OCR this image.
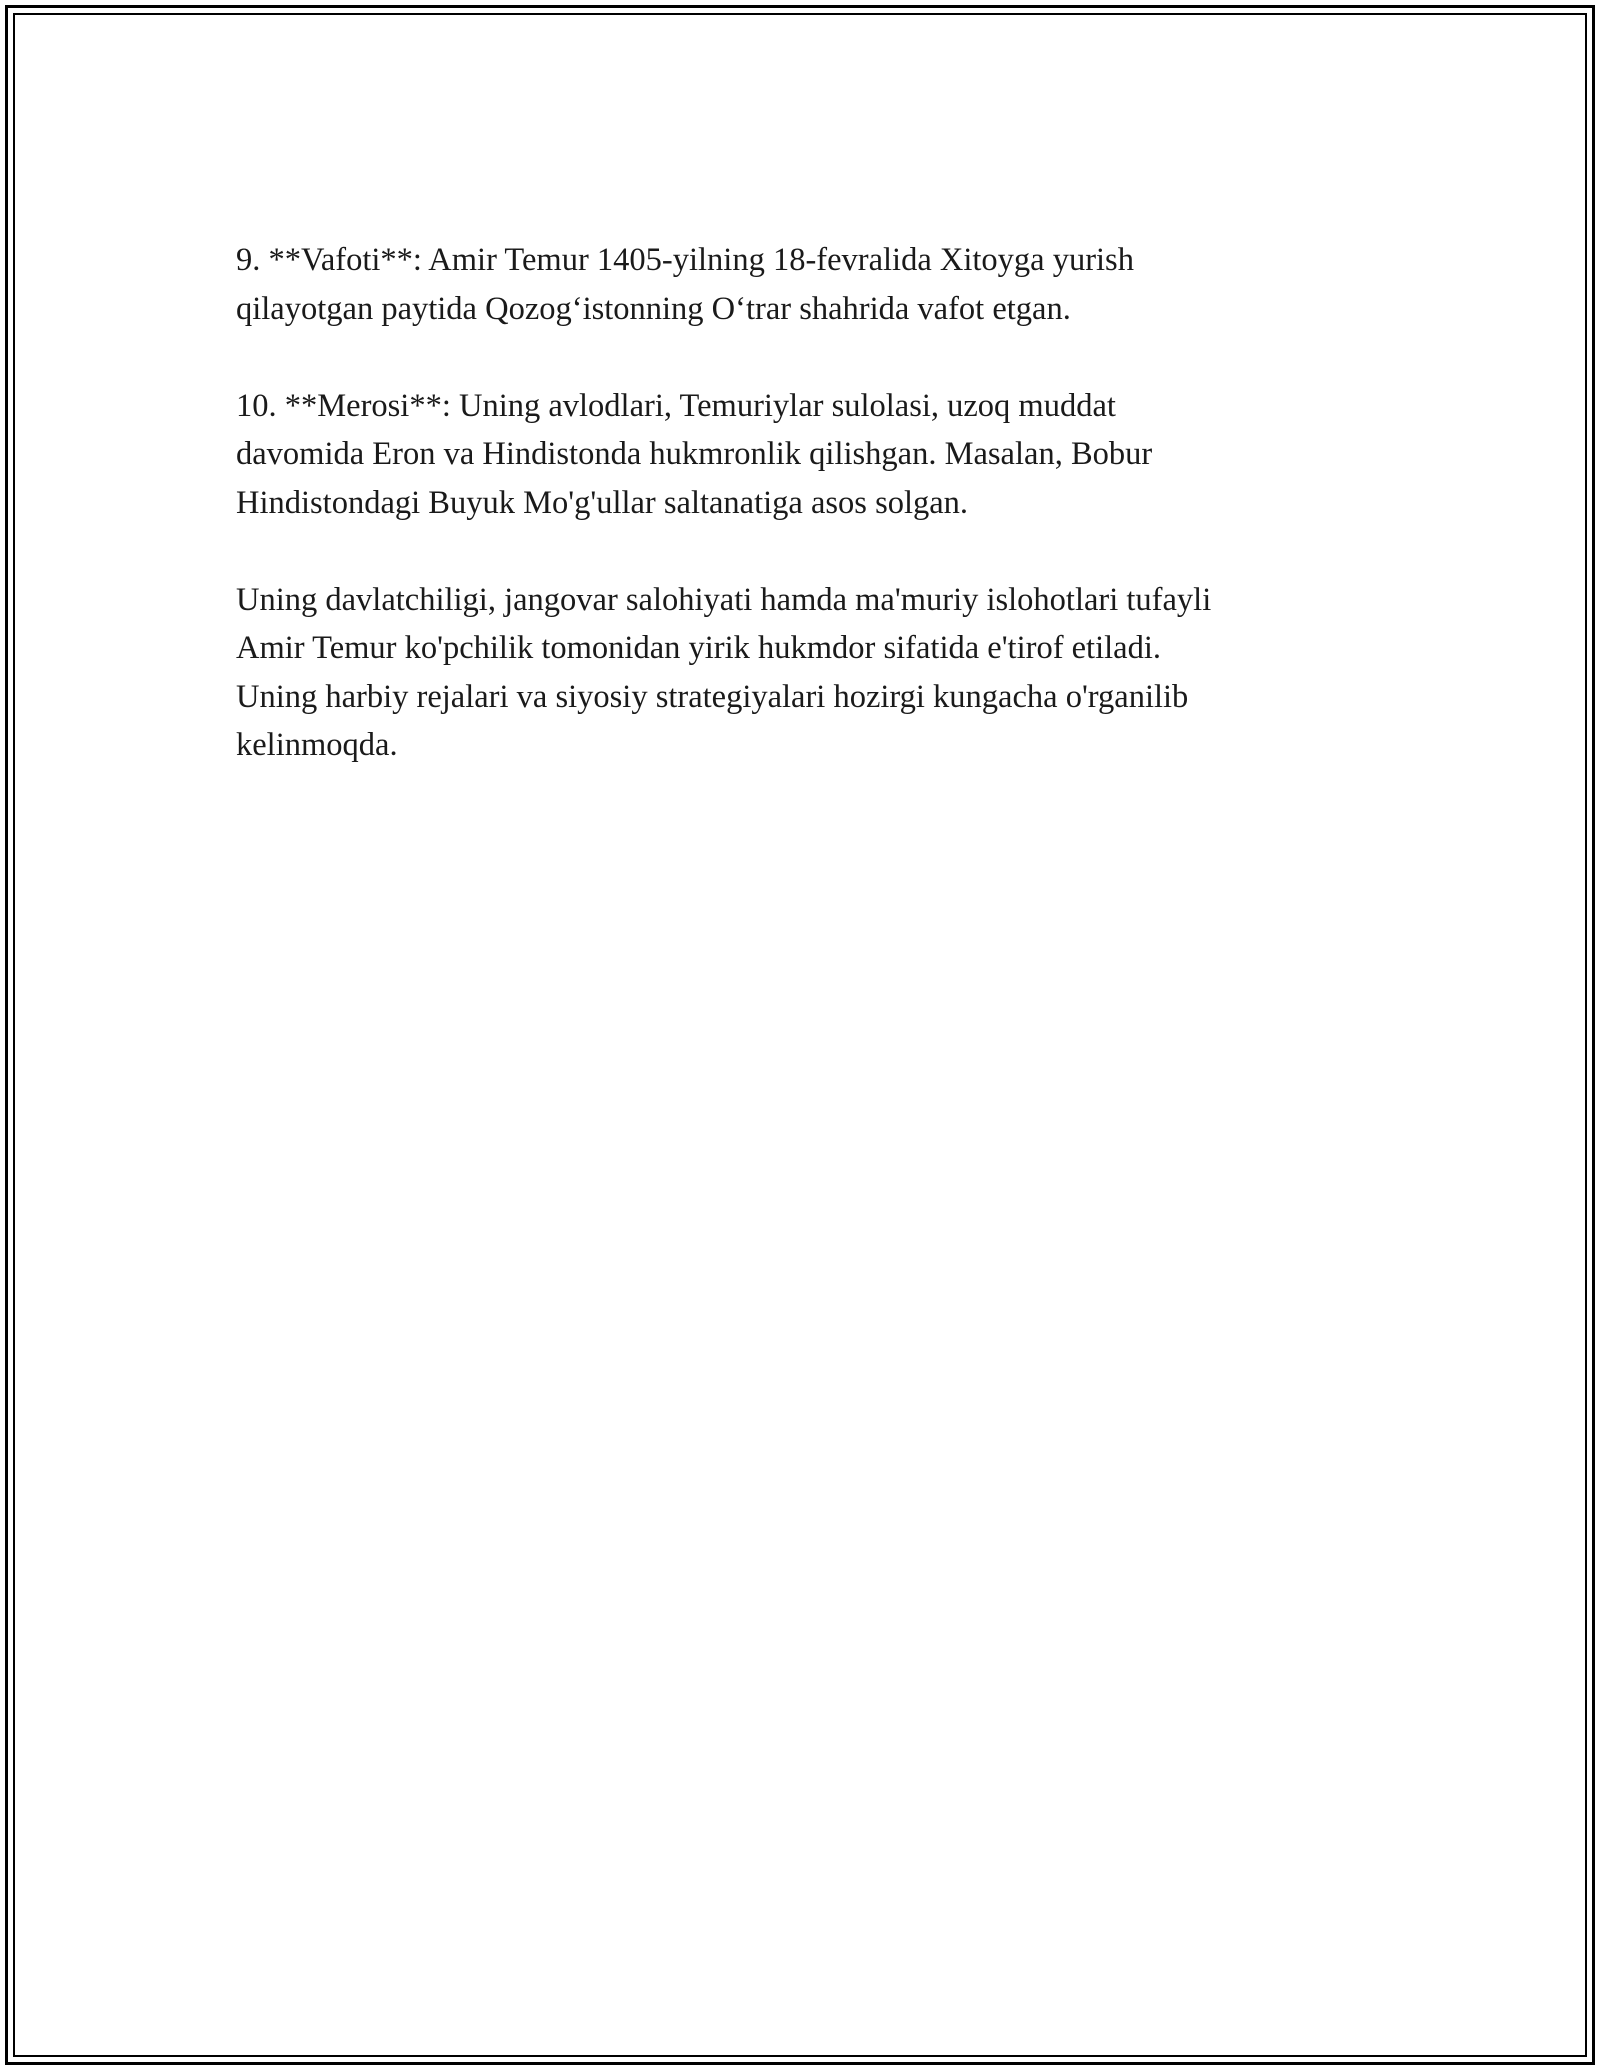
9. **Vafoti**: Amir Temur 1405-yilning 18-fevralida Xitoyga yurish
qilayotgan paytida Qozog‘istonning O‘trar shahrida vafot etgan.

10. **Merosi**: Uning avlodlari, Temuriylar sulolasi, uzoq muddat
davomida Eron va Hindistonda hukmronlik qilishgan. Masalan, Bobur
Hindistondagi Buyuk Mo'g'ullar saltanatiga asos solgan.

Uning davlatchiligi, jangovar salohiyati hamda ma'muriy islohotlari tufayli
Amir Temur ko'pchilik tomonidan yirik hukmdor sifatida e'tirof etiladi.
Uning harbiy rejalari va siyosiy strategiyalari hozirgi kungacha o'rganilib
kelinmoqda.
